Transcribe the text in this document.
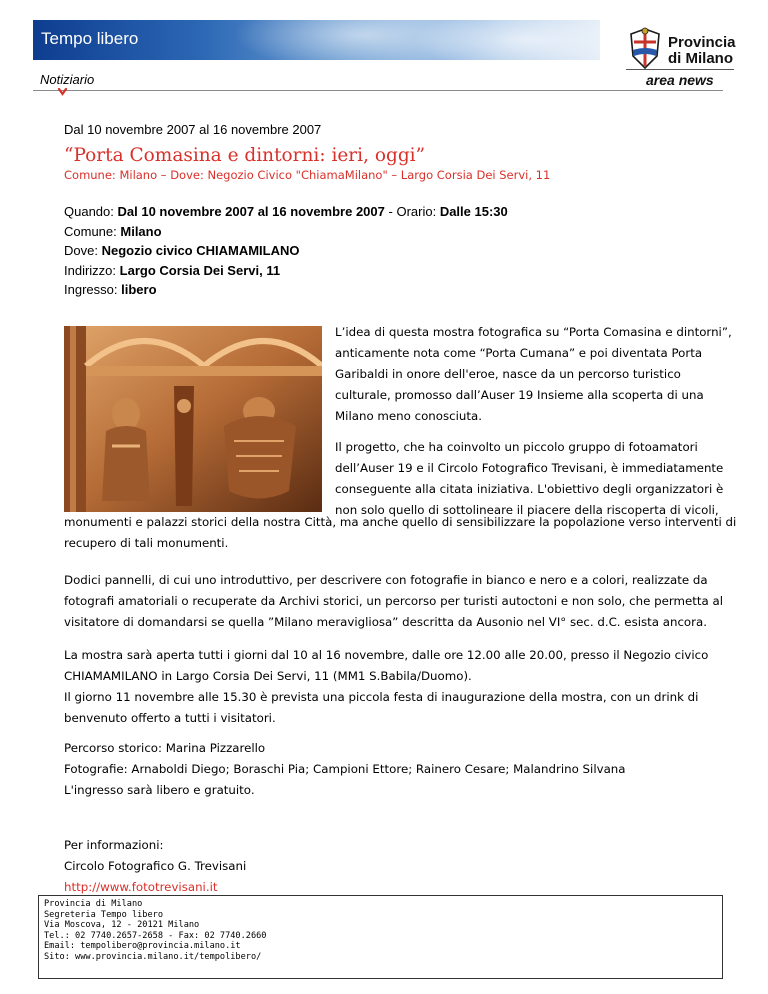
Tempo libero
Notiziario
Provincia
di Milano
area news
Dal 10 novembre 2007 al 16 novembre 2007
“Porta Comasina e dintorni: ieri, oggi”
Comune: Milano – Dove: Negozio Civico "ChiamaMilano" – Largo Corsia Dei Servi, 11
Quando: Dal 10 novembre 2007 al 16 novembre 2007 - Orario: Dalle 15:30
Comune: Milano
Dove: Negozio civico CHIAMAMILANO
Indirizzo: Largo Corsia Dei Servi, 11
Ingresso: libero
L’idea di questa mostra fotografica su “Porta Comasina e dintorni”, anticamente nota come “Porta Cumana” e poi diventata Porta Garibaldi in onore dell'eroe, nasce da un percorso turistico culturale, promosso dall’Auser 19 Insieme alla scoperta di una Milano meno conosciuta.
Il progetto, che ha coinvolto un piccolo gruppo di fotoamatori dell’Auser 19 e il Circolo Fotografico Trevisani, è immediatamente conseguente alla citata iniziativa. L'obiettivo degli organizzatori è non solo quello di sottolineare il piacere della riscoperta di vicoli,
monumenti e palazzi storici della nostra Città, ma anche quello di sensibilizzare la popolazione verso interventi di recupero di tali monumenti.
Dodici pannelli, di cui uno introduttivo, per descrivere con fotografie in bianco e nero e a colori, realizzate da fotografi amatoriali o recuperate da Archivi storici, un percorso per turisti autoctoni e non solo, che permetta al visitatore di domandarsi se quella ”Milano meravigliosa” descritta da Ausonio nel VI° sec. d.C. esista ancora.
La mostra sarà aperta tutti i giorni dal 10 al 16 novembre, dalle ore 12.00 alle 20.00, presso il Negozio civico CHIAMAMILANO in Largo Corsia Dei Servi, 11 (MM1 S.Babila/Duomo).
Il giorno 11 novembre alle 15.30 è prevista una piccola festa di inaugurazione della mostra, con un drink di benvenuto offerto a tutti i visitatori.
Percorso storico: Marina Pizzarello
Fotografie: Arnaboldi Diego; Boraschi Pia; Campioni Ettore; Rainero Cesare; Malandrino Silvana
L'ingresso sarà libero e gratuito.
Per informazioni:
Circolo Fotografico G. Trevisani
http://www.fototrevisani.it
Provincia di Milano
Segreteria Tempo libero
Via Moscova, 12 - 20121 Milano
Tel.: 02 7740.2657-2658 - Fax: 02 7740.2660
Email: tempolibero@provincia.milano.it
Sito: www.provincia.milano.it/tempolibero/
